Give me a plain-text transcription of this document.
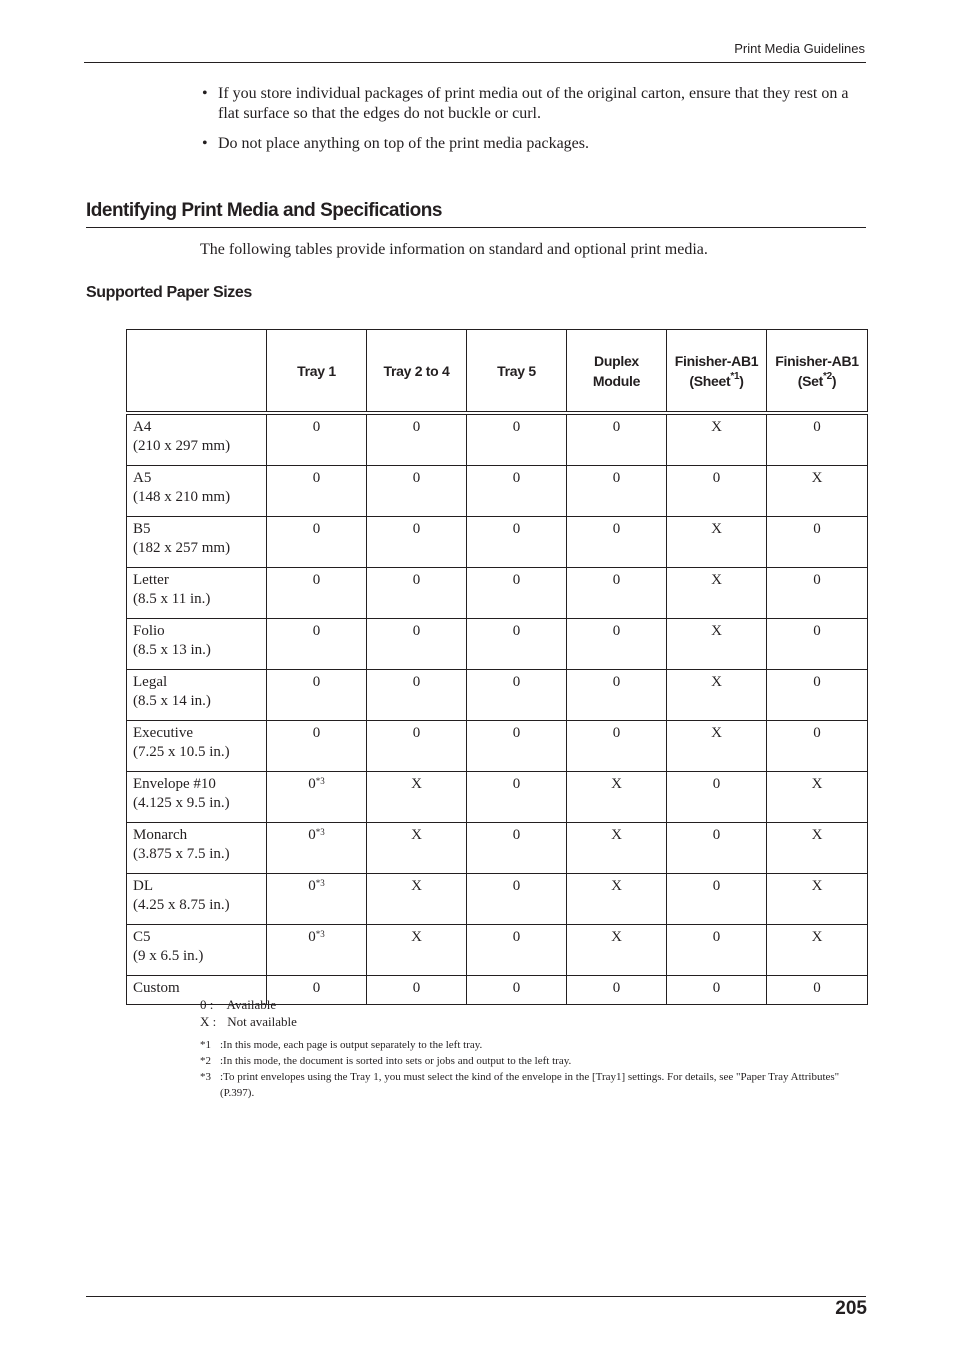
Print Media Guidelines
• If you store individual packages of print media out of the original carton, ensure that they rest on a flat surface so that the edges do not buckle or curl.
• Do not place anything on top of the print media packages.
Identifying Print Media and Specifications
The following tables provide information on standard and optional print media.
Supported Paper Sizes
	Tray 1	Tray 2 to 4	Tray 5	Duplex Module	Finisher-AB1 (Sheet$^{*1}$)	Finisher-AB1 (Set$^{*2}$)

A4
(210 x 297 mm)	0	0	0	0	X	0

A5
(148 x 210 mm)	0	0	0	0	0	X

B5
(182 x 257 mm)	0	0	0	0	X	0

Letter
(8.5 x 11 in.)	0	0	0	0	X	0

Folio
(8.5 x 13 in.)	0	0	0	0	X	0

Legal
(8.5 x 14 in.)	0	0	0	0	X	0

Executive
(7.25 x 10.5 in.)	0	0	0	0	X	0

Envelope #10
(4.125 x 9.5 in.)	0$^{*3}$	X	0	X	0	X

Monarch
(3.875 x 7.5 in.)	0$^{*3}$	X	0	X	0	X

DL
(4.25 x 8.75 in.)	0$^{*3}$	X	0	X	0	X

C5
(9 x 6.5 in.)	0$^{*3}$	X	0	X	0	X

Custom	0	0	0	0	0	0
0 : Available
X : Not available
*1 :In this mode, each page is output separately to the left tray.
*2 :In this mode, the document is sorted into sets or jobs and output to the left tray.
*3 :To print envelopes using the Tray 1, you must select the kind of the envelope in the [Tray1] settings. For details, see "Paper Tray Attributes" (P.397).
205
